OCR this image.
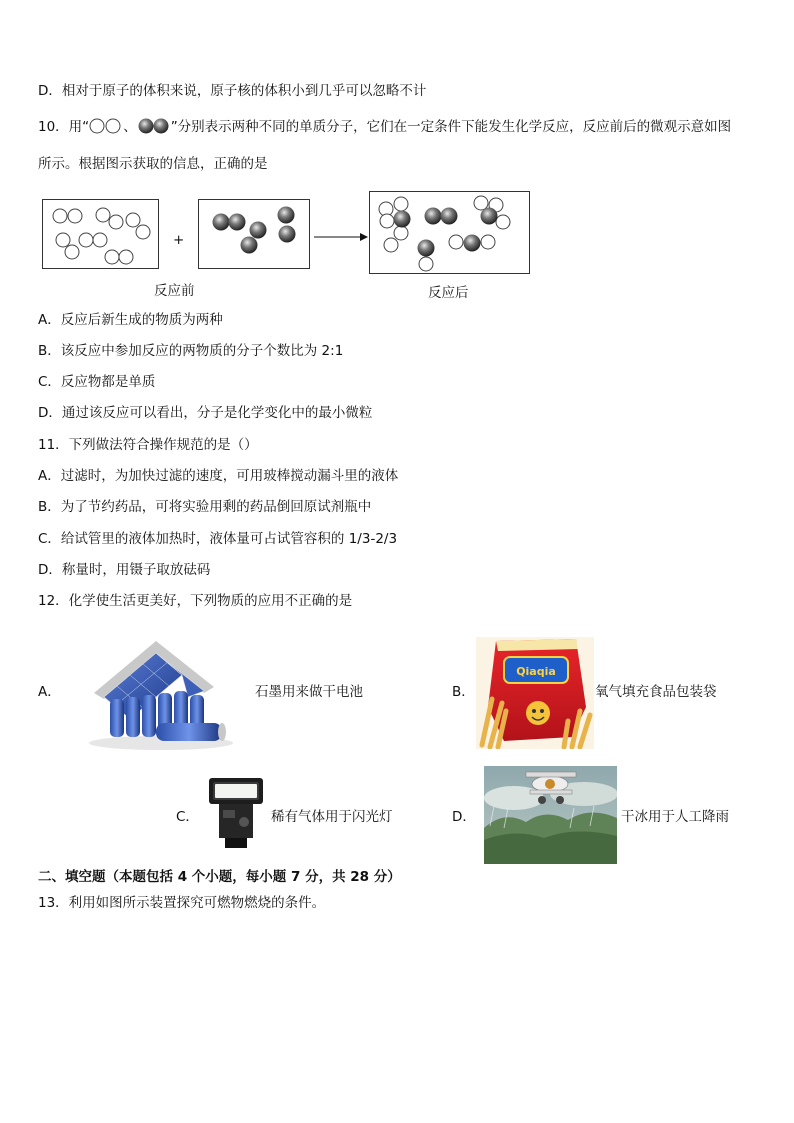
D．相对于原子的体积来说，原子核的体积小到几乎可以忽略不计
10．用“	、	”分别表示两种不同的单质分子，它们在一定条件下能发生化学反应，反应前后的微观示意如图
所示。根据图示获取的信息，正确的是
+
反应前	反应后
A．反应后新生成的物质为两种
B．该反应中参加反应的两物质的分子个数比为 2:1
C．反应物都是单质
D．通过该反应可以看出，分子是化学变化中的最小微粒
11．下列做法符合操作规范的是（）
A．过滤时，为加快过滤的速度，可用玻棒搅动漏斗里的液体
B．为了节约药品，可将实验用剩的药品倒回原试剂瓶中
C．给试管里的液体加热时，液体量可占试管容积的 1/3-2/3
D．称量时，用镊子取放砝码
12．化学使生活更美好，下列物质的应用不正确的是
A．	石墨用来做干电池	B．
Qiaqia
氧气填充食品包装袋
C．	稀有气体用于闪光灯	D．	干冰用于人工降雨
二、填空题（本题包括 4 个小题，每小题 7 分，共 28 分）
13．利用如图所示装置探究可燃物燃烧的条件。
